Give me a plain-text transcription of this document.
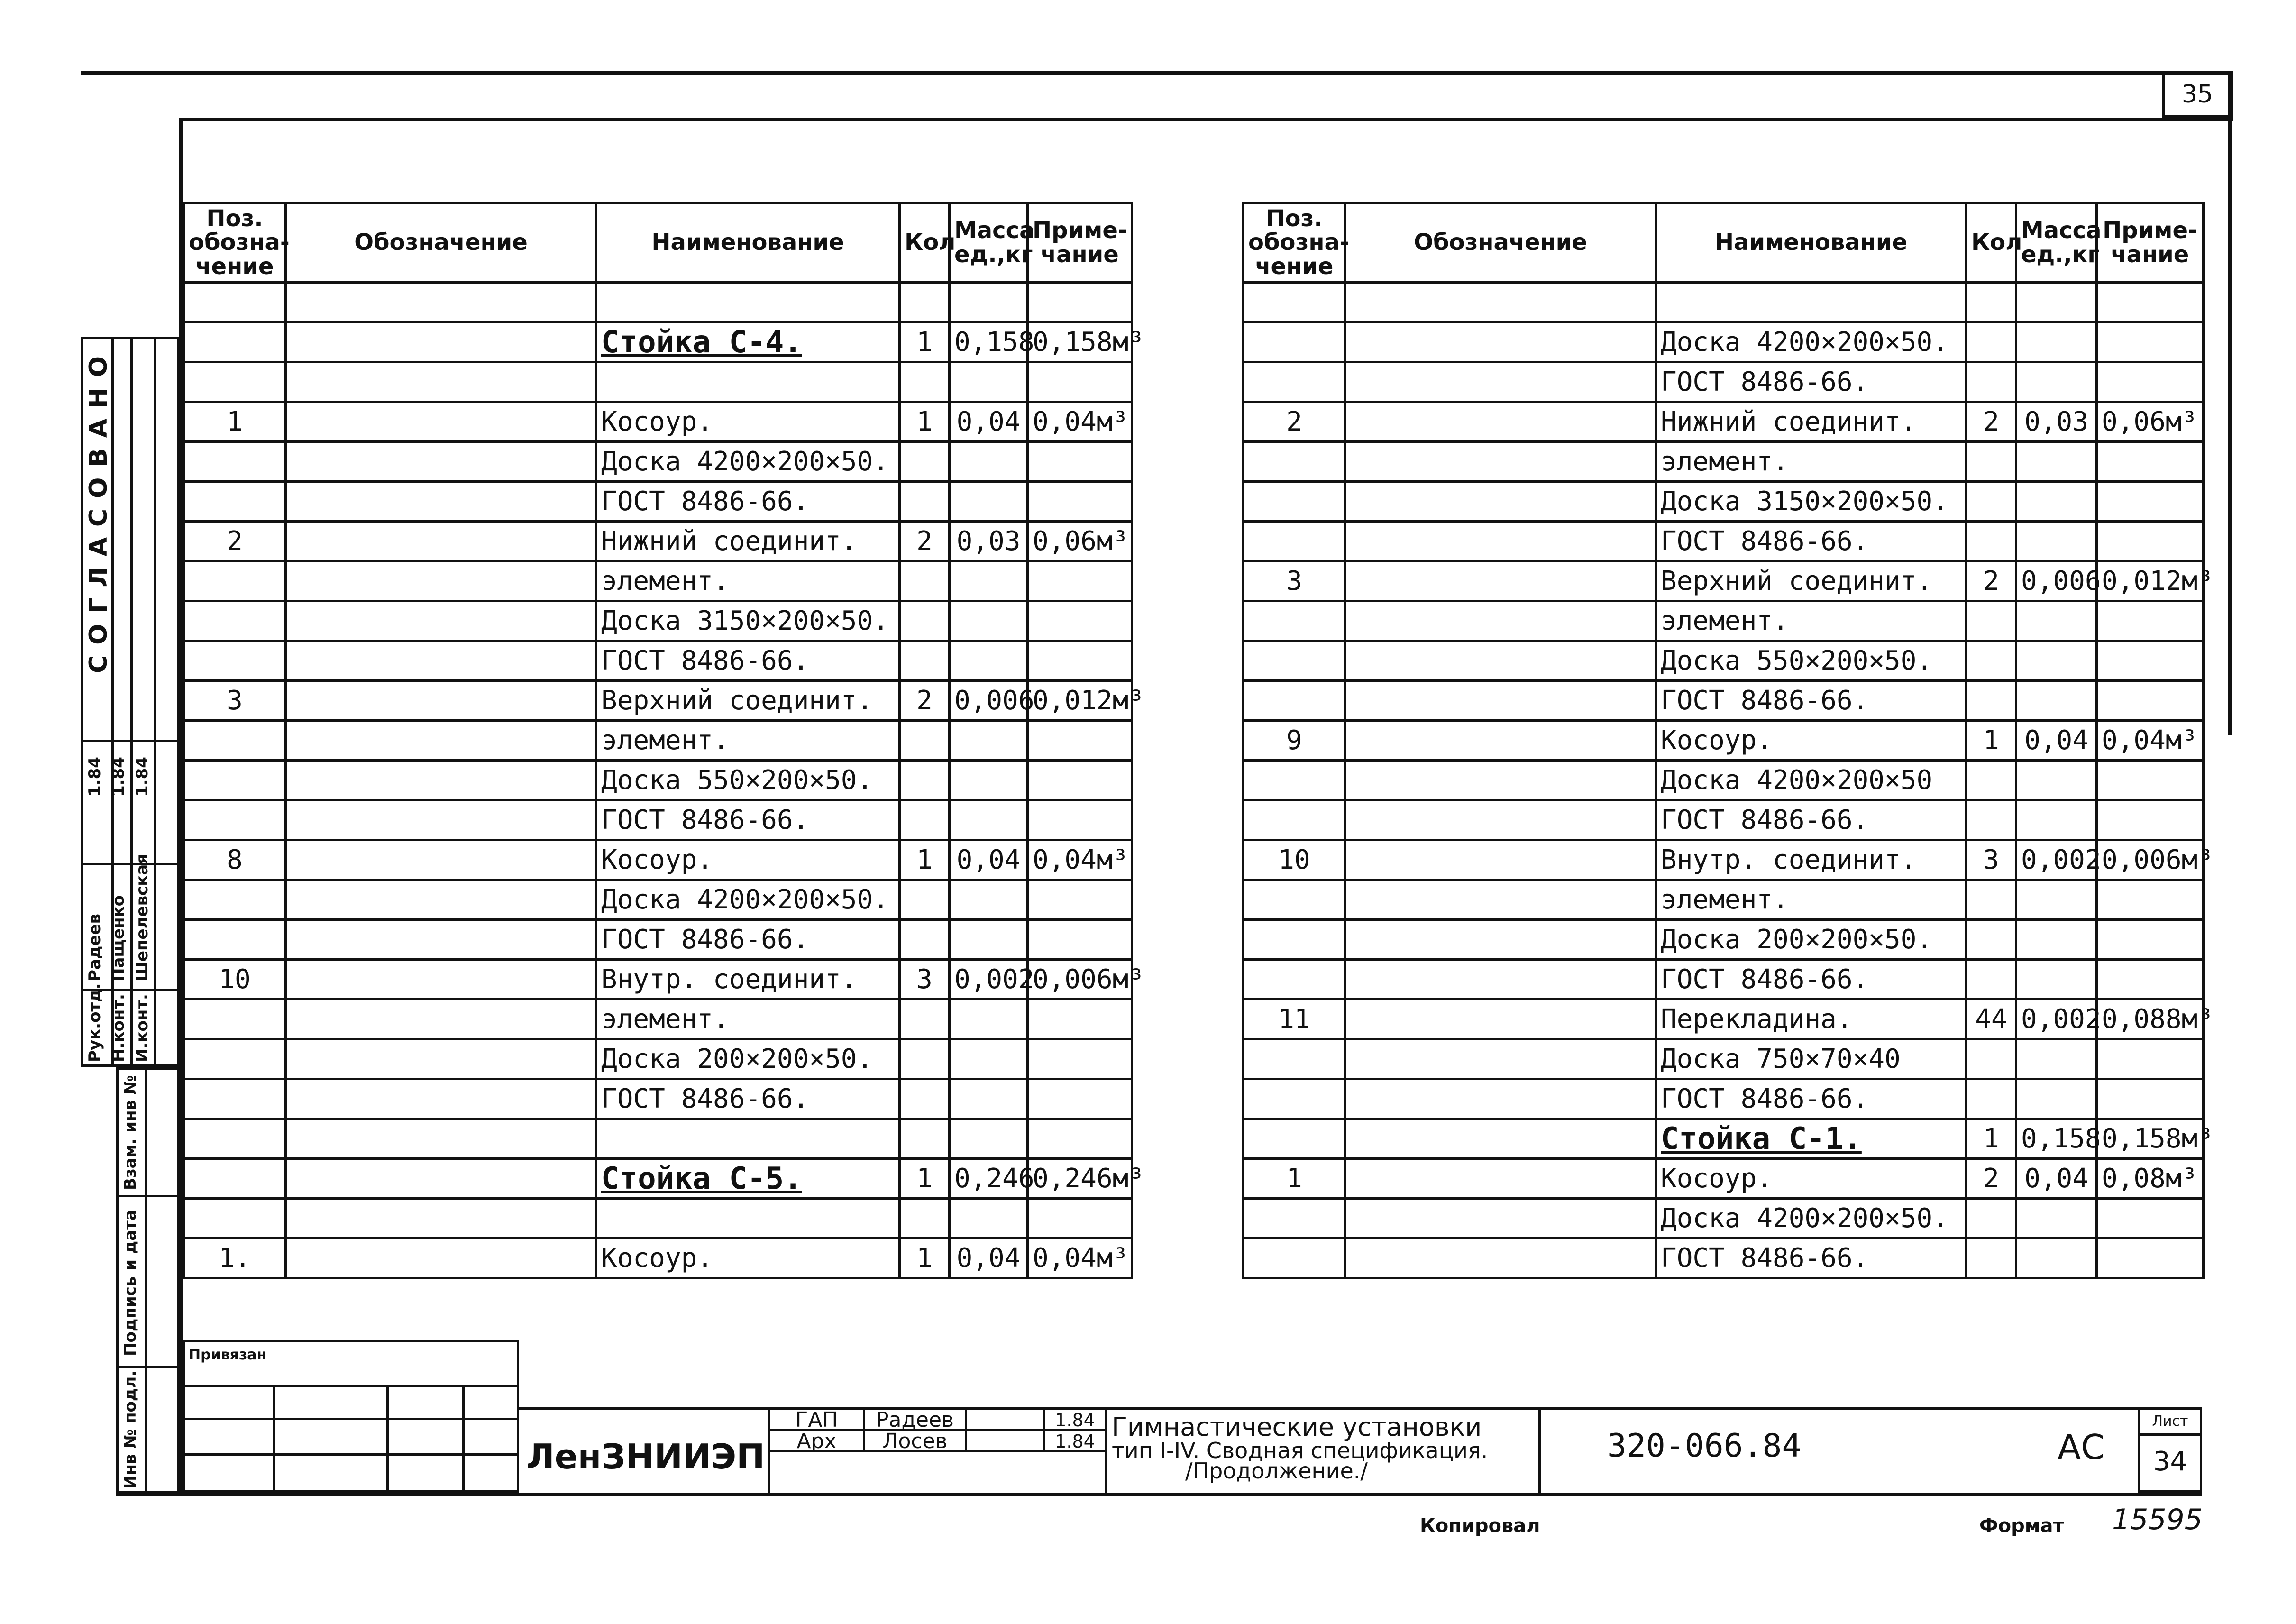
35
Поз. обозна- чение	Обозначение	Наименование	Кол	Масса ед.,кг	Приме- чание

		Стойка С-4.	1	0,158	0,158м³

1		Косоур.	1	0,04	0,04м³
		Доска 4200×200×50.			
		ГОСТ 8486-66.			
2		Нижний соединит.	2	0,03	0,06м³
		элемент.			
		Доска 3150×200×50.			
		ГОСТ 8486-66.			
3		Верхний соединит.	2	0,006	0,012м³
		элемент.			
		Доска 550×200×50.			
		ГОСТ 8486-66.			
8		Косоур.	1	0,04	0,04м³
		Доска 4200×200×50.			
		ГОСТ 8486-66.			
10		Внутр. соединит.	3	0,002	0,006м³
		элемент.			
		Доска 200×200×50.			
		ГОСТ 8486-66.			

		Стойка С-5.	1	0,246	0,246м³

1.		Косоур.	1	0,04	0,04м³
Поз. обозна- чение	Обозначение	Наименование	Кол	Масса ед.,кг	Приме- чание

		Доска 4200×200×50.			
		ГОСТ 8486-66.			
2		Нижний соединит.	2	0,03	0,06м³
		элемент.			
		Доска 3150×200×50.			
		ГОСТ 8486-66.			
3		Верхний соединит.	2	0,006	0,012м³
		элемент.			
		Доска 550×200×50.			
		ГОСТ 8486-66.			
9		Косоур.	1	0,04	0,04м³
		Доска 4200×200×50			
		ГОСТ 8486-66.			
10		Внутр. соединит.	3	0,002	0,006м³
		элемент.			
		Доска 200×200×50.			
		ГОСТ 8486-66.			
11		Перекладина.	44	0,002	0,088м³
		Доска 750×70×40			
		ГОСТ 8486-66.			
		Стойка С-1.	1	0,158	0,158м³
1		Косоур.	2	0,04	0,08м³
		Доска 4200×200×50.			
		ГОСТ 8486-66.			
СОГЛАСОВАНО
Рук.отд. Н.конт. И.конт.
Радеев Пащенко Шепелевская
1.84 1.84 1.84
Взам. инв №
Подпись и дата
Инв № подл.
Привязан
ЛенЗНИИЭП
ГАП
Арх
Радеев
Лосев
1.84
1.84 Гимнастические установки
тип I-IV. Сводная спецификация.
/Продолжение./
320-066.84	АС
Лист
34
Копировал	Формат 15595
